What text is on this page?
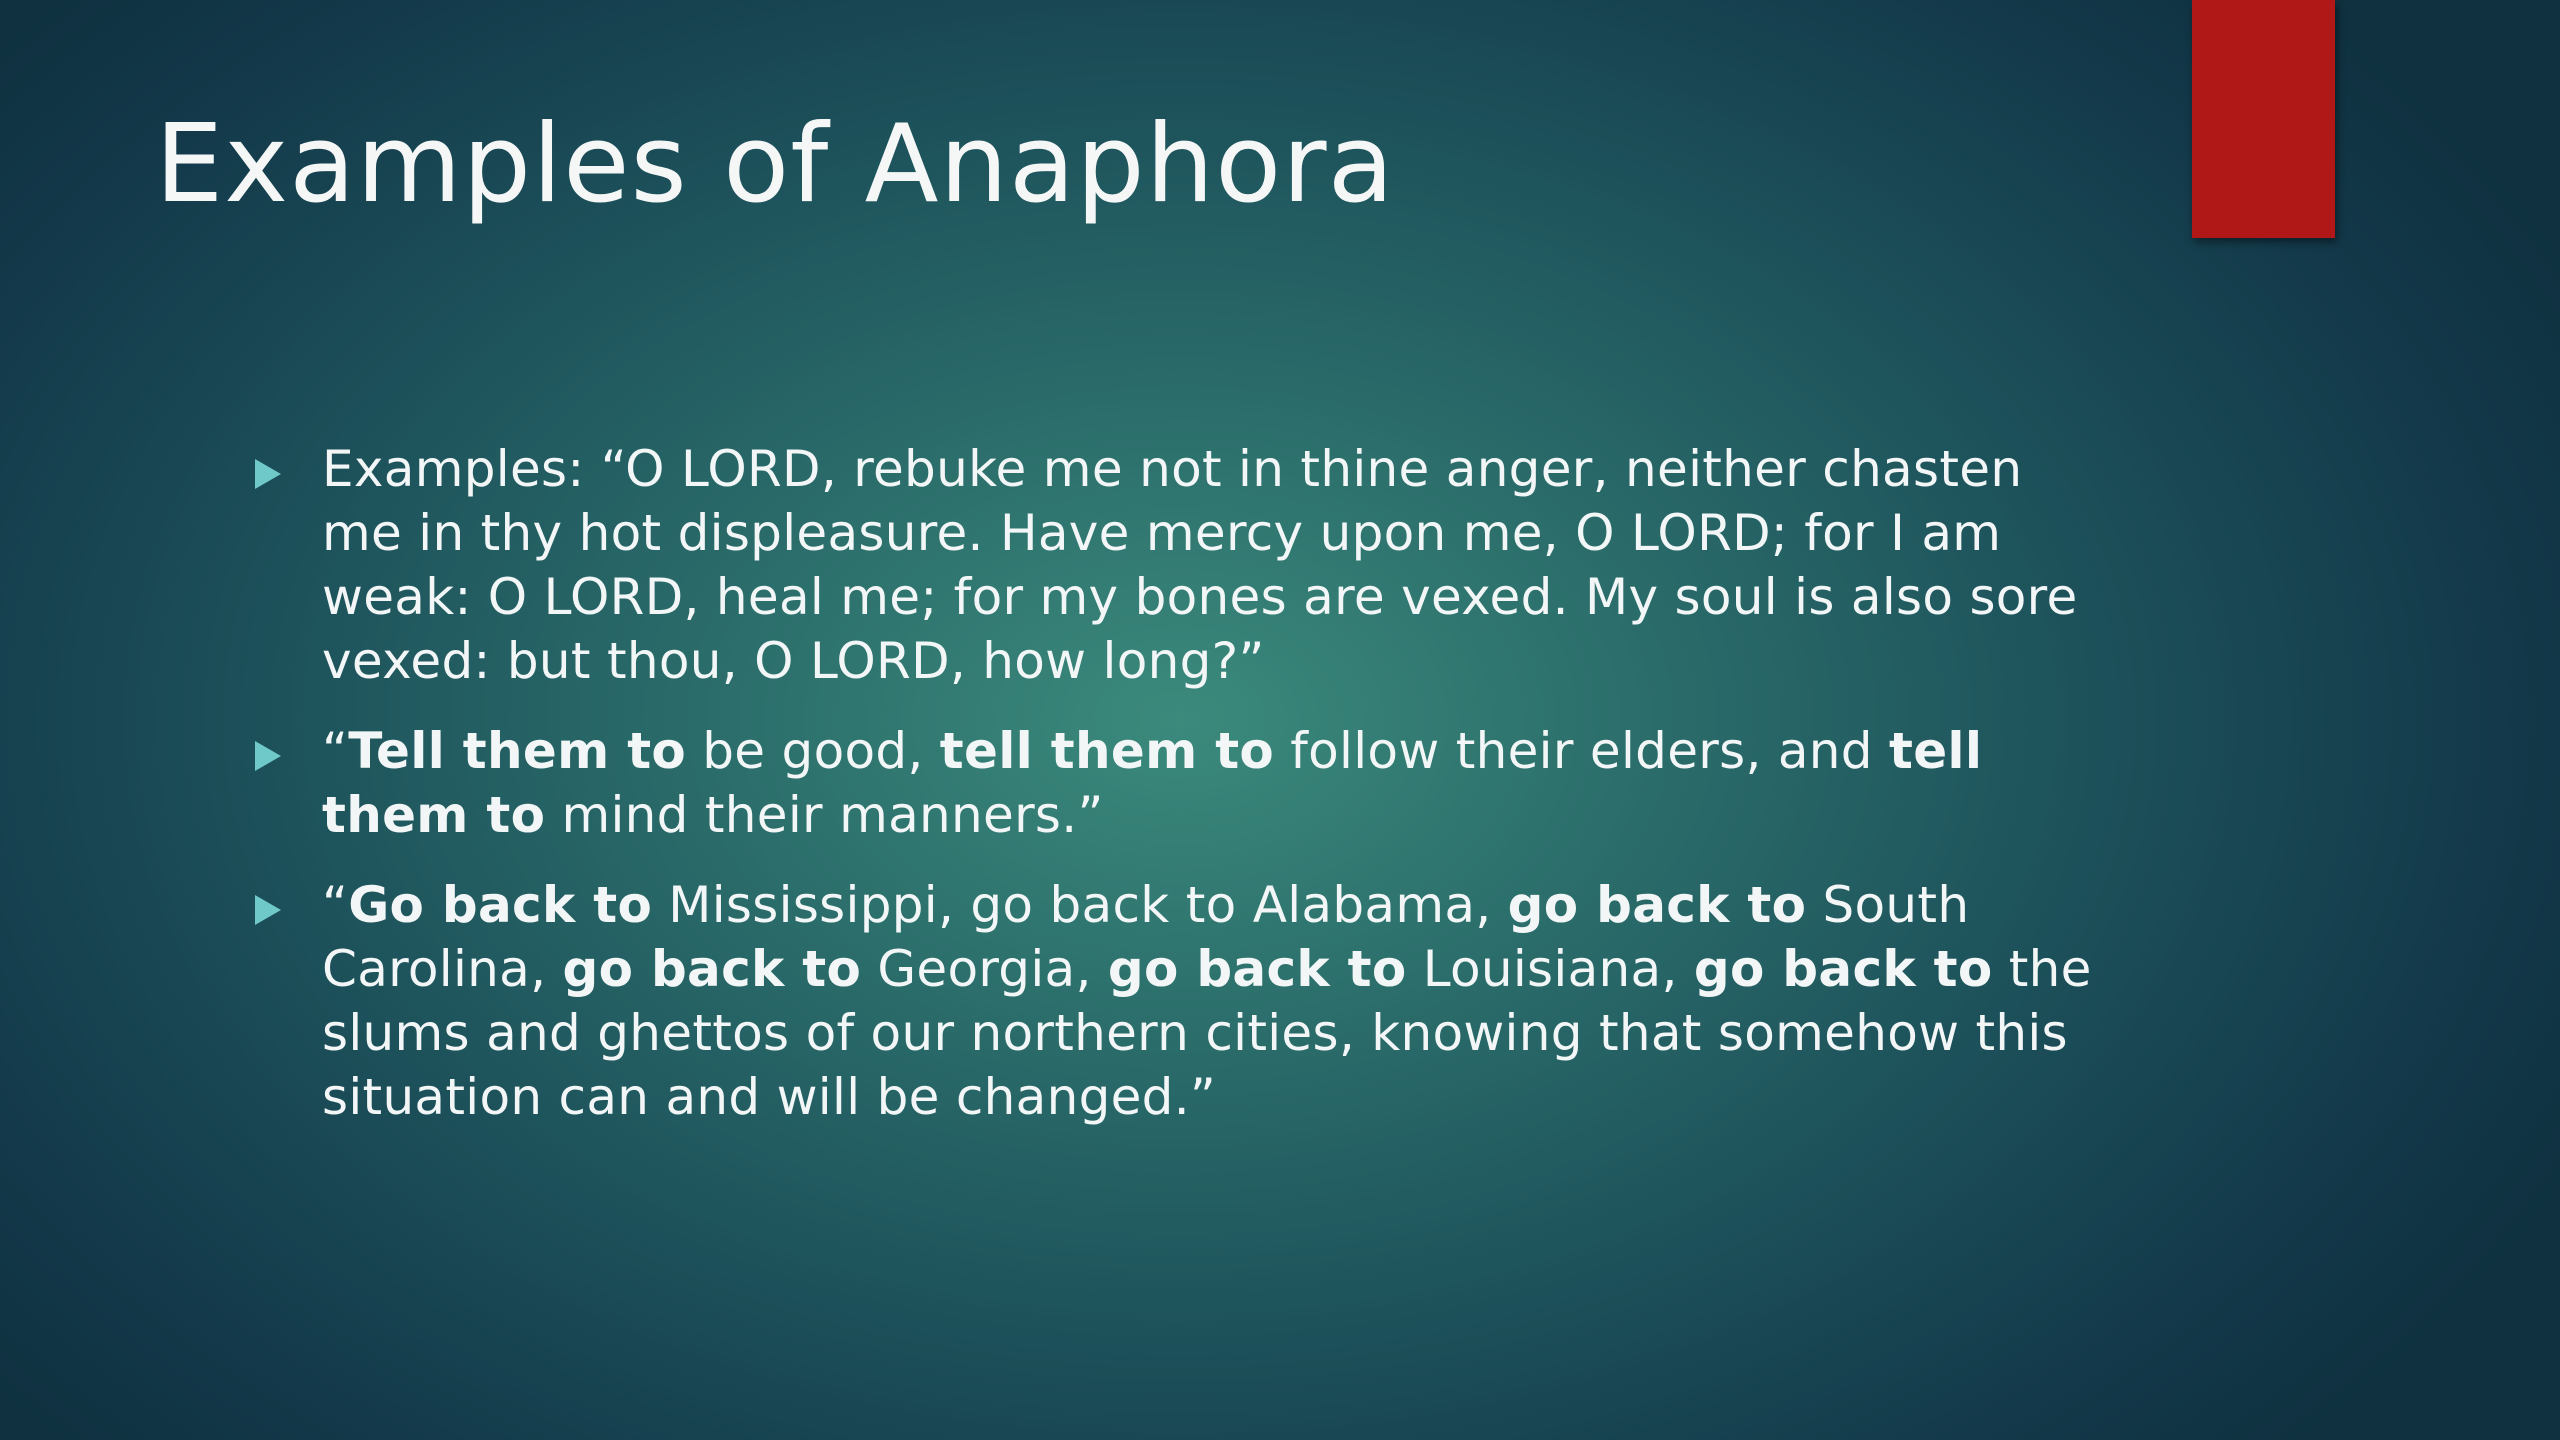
Examples of Anaphora
Examples: “O LORD, rebuke me not in thine anger, neither chasten me in thy hot displeasure. Have mercy upon me, O LORD; for I am weak: O LORD, heal me; for my bones are vexed. My soul is also sore vexed: but thou, O LORD, how long?”
“Tell them to be good, tell them to follow their elders, and tell them to mind their manners.”
“Go back to Mississippi, go back to Alabama, go back to South Carolina, go back to Georgia, go back to Louisiana, go back to the slums and ghettos of our northern cities, knowing that somehow this situation can and will be changed.”
